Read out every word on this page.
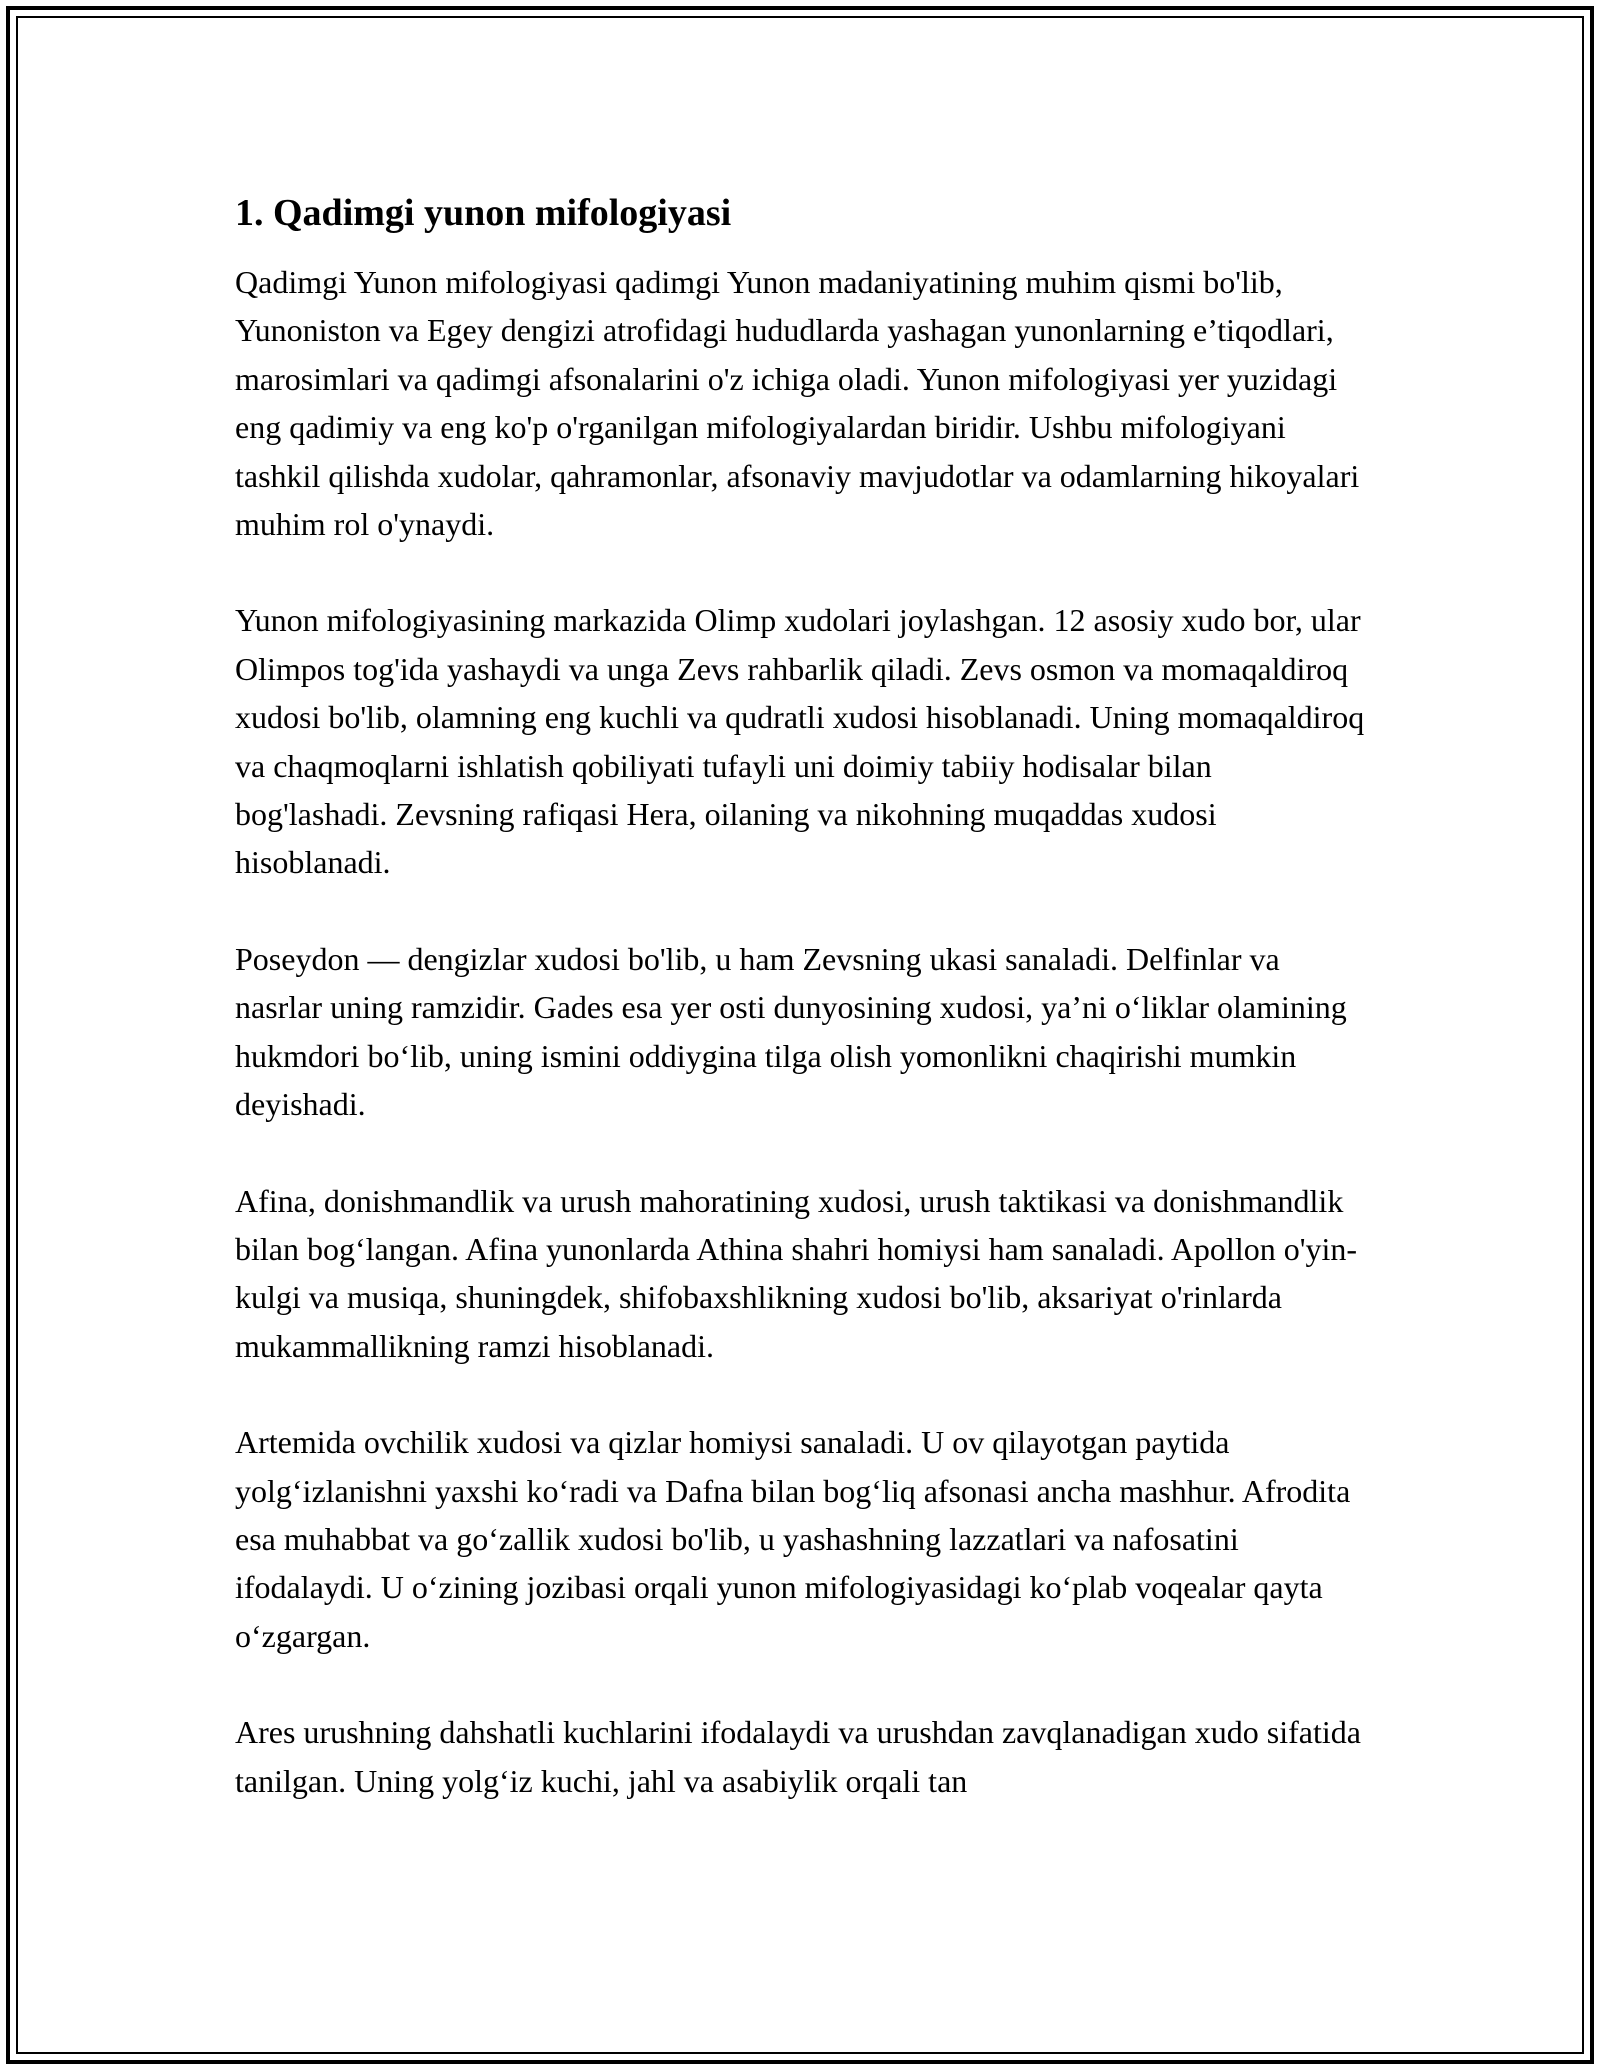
1. Qadimgi yunon mifologiyasi

Qadimgi Yunon mifologiyasi qadimgi Yunon madaniyatining muhim qismi bo'lib, Yunoniston va Egey dengizi atrofidagi hududlarda yashagan yunonlarning e’tiqodlari, marosimlari va qadimgi afsonalarini o'z ichiga oladi. Yunon mifologiyasi yer yuzidagi eng qadimiy va eng ko'p o'rganilgan mifologiyalardan biridir. Ushbu mifologiyani tashkil qilishda xudolar, qahramonlar, afsonaviy mavjudotlar va odamlarning hikoyalari muhim rol o'ynaydi.

Yunon mifologiyasining markazida Olimp xudolari joylashgan. 12 asosiy xudo bor, ular Olimpos tog'ida yashaydi va unga Zevs rahbarlik qiladi. Zevs osmon va momaqaldiroq xudosi bo'lib, olamning eng kuchli va qudratli xudosi hisoblanadi. Uning momaqaldiroq va chaqmoqlarni ishlatish qobiliyati tufayli uni doimiy tabiiy hodisalar bilan bog'lashadi. Zevsning rafiqasi Hera, oilaning va nikohning muqaddas xudosi hisoblanadi.

Poseydon — dengizlar xudosi bo'lib, u ham Zevsning ukasi sanaladi. Delfinlar va nasrlar uning ramzidir. Gades esa yer osti dunyosining xudosi, ya’ni o‘liklar olamining hukmdori bo‘lib, uning ismini oddiygina tilga olish yomonlikni chaqirishi mumkin deyishadi.

Afina, donishmandlik va urush mahoratining xudosi, urush taktikasi va donishmandlik bilan bog‘langan. Afina yunonlarda Athina shahri homiysi ham sanaladi. Apollon o'yin-kulgi va musiqa, shuningdek, shifobaxshlikning xudosi bo'lib, aksariyat o'rinlarda mukammallikning ramzi hisoblanadi.

Artemida ovchilik xudosi va qizlar homiysi sanaladi. U ov qilayotgan paytida yolg‘izlanishni yaxshi ko‘radi va Dafna bilan bog‘liq afsonasi ancha mashhur. Afrodita esa muhabbat va go‘zallik xudosi bo'lib, u yashashning lazzatlari va nafosatini ifodalaydi. U o‘zining jozibasi orqali yunon mifologiyasidagi ko‘plab voqealar qayta o‘zgargan.

Ares urushning dahshatli kuchlarini ifodalaydi va urushdan zavqlanadigan xudo sifatida tanilgan. Uning yolg‘iz kuchi, jahl va asabiylik orqali tan
